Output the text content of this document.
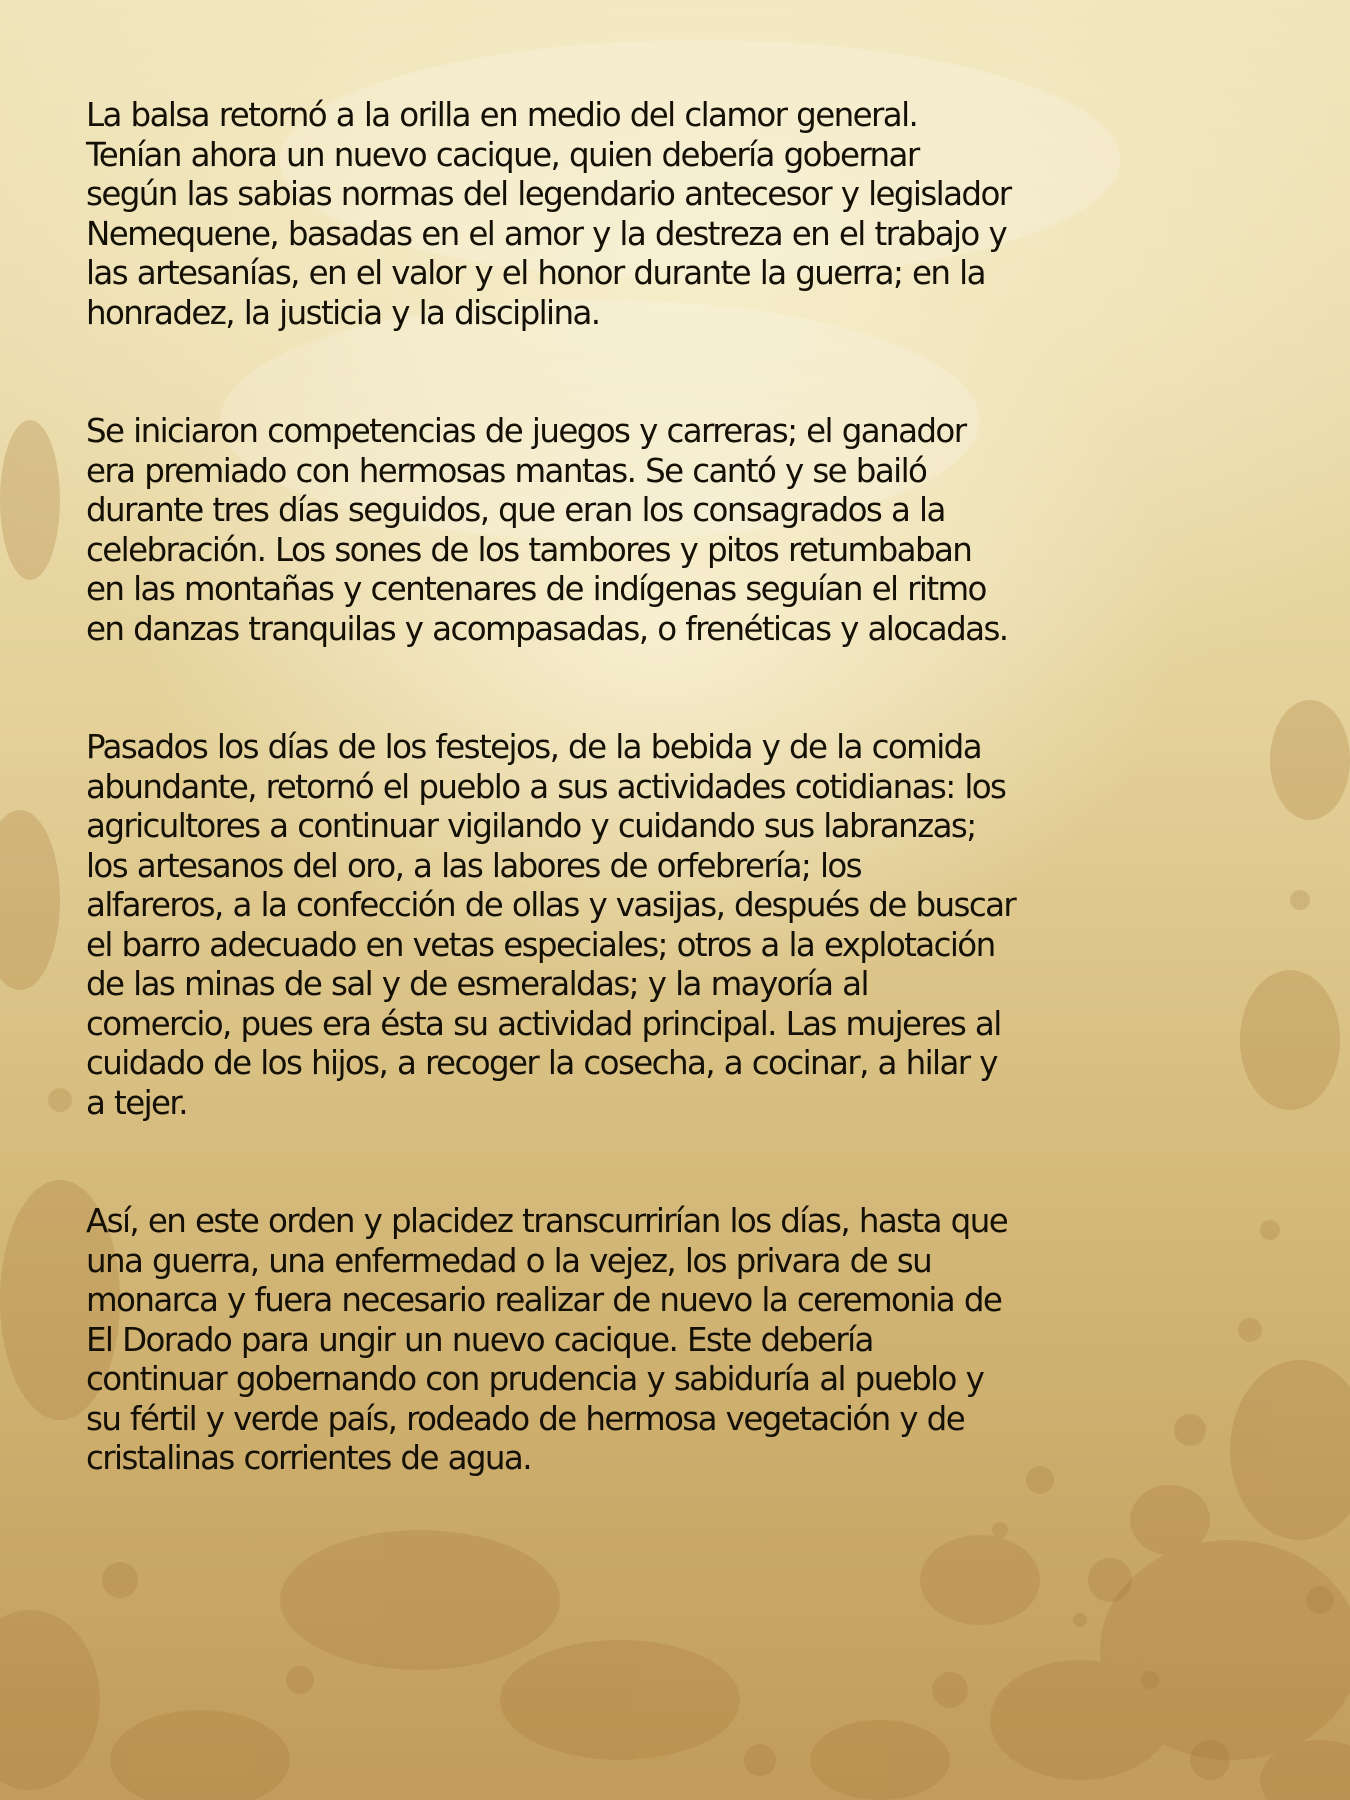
La balsa retornó a la orilla en medio del clamor general.
Tenían ahora un nuevo cacique, quien debería gobernar
según las sabias normas del legendario antecesor y legislador
Nemequene, basadas en el amor y la destreza en el trabajo y
las artesanías, en el valor y el honor durante la guerra; en la
honradez, la justicia y la disciplina.

Se iniciaron competencias de juegos y carreras; el ganador
era premiado con hermosas mantas. Se cantó y se bailó
durante tres días seguidos, que eran los consagrados a la
celebración. Los sones de los tambores y pitos retumbaban
en las montañas y centenares de indígenas seguían el ritmo
en danzas tranquilas y acompasadas, o frenéticas y alocadas.

Pasados los días de los festejos, de la bebida y de la comida
abundante, retornó el pueblo a sus actividades cotidianas: los
agricultores a continuar vigilando y cuidando sus labranzas;
los artesanos del oro, a las labores de orfebrería; los
alfareros, a la confección de ollas y vasijas, después de buscar
el barro adecuado en vetas especiales; otros a la explotación
de las minas de sal y de esmeraldas; y la mayoría al
comercio, pues era ésta su actividad principal. Las mujeres al
cuidado de los hijos, a recoger la cosecha, a cocinar, a hilar y
a tejer.

Así, en este orden y placidez transcurrirían los días, hasta que
una guerra, una enfermedad o la vejez, los privara de su
monarca y fuera necesario realizar de nuevo la ceremonia de
El Dorado para ungir un nuevo cacique. Este debería
continuar gobernando con prudencia y sabiduría al pueblo y
su fértil y verde país, rodeado de hermosa vegetación y de
cristalinas corrientes de agua.
